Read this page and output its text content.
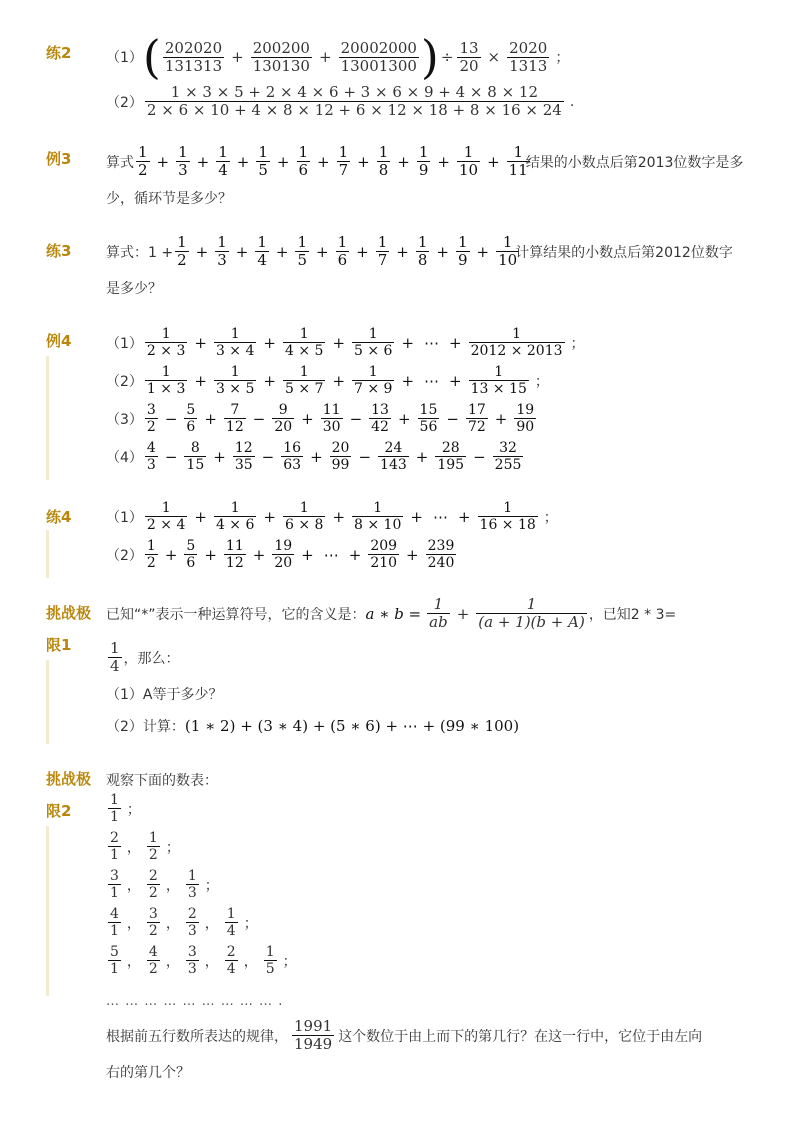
练2 （1） ( $\frac{202020}{131313} + \frac{200200}{130130} + \frac{20002000}{13001300}$ ) ÷ $\frac{13}{20} \times \frac{2020}{1313}$ ；
$(2) \frac{1 \times 3 \times 5 + 2 \times 4 \times 6 + 3 \times 6 \times 9 + 4 \times 8 \times 12}{2 \times 6 \times 10 + 4 \times 8 \times 12 + 6 \times 12 \times 18 + 8 \times 16 \times 24}$ .
例3 算式 $\frac{1}{2} + \frac{1}{3} + \frac{1}{4} + \frac{1}{5} + \frac{1}{6} + \frac{1}{7} + \frac{1}{8} + \frac{1}{9} + \frac{1}{10} + \frac{1}{11}$
结果的小数点后第2013位数字是多
少，循环节是多少？
练3 算式：$1 + \frac{1}{2} + \frac{1}{3} + \frac{1}{4} + \frac{1}{5} + \frac{1}{6} + \frac{1}{7} + \frac{1}{8} + \frac{1}{9} + \frac{1}{10}$
计算结果的小数点后第2012位数字
是多少？
例4 $(1) \frac{1}{2 \times 3} + \frac{1}{3 \times 4} + \frac{1}{4 \times 5} + \frac{1}{5 \times 6}$ + ⋯ + $\frac{1}{2012 \times 2013}$ ；
$(2) \frac{1}{1 \times 3} + \frac{1}{3 \times 5} + \frac{1}{5 \times 7} + \frac{1}{7 \times 9}$ + ⋯ + $\frac{1}{13 \times 15}$ ；
$(3) \frac{3}{2} - \frac{5}{6} + \frac{7}{12} - \frac{9}{20} + \frac{11}{30} - \frac{13}{42} + \frac{15}{56} - \frac{17}{72} + \frac{19}{90}$
$(4) \frac{4}{3} - \frac{8}{15} + \frac{12}{35} - \frac{16}{63} + \frac{20}{99} - \frac{24}{143} + \frac{28}{195} - \frac{32}{255}$
练4 $(1) \frac{1}{2 \times 4} + \frac{1}{4 \times 6} + \frac{1}{6 \times 8} + \frac{1}{8 \times 10}$ + ⋯ + $\frac{1}{16 \times 18}$ ；
$(2) \frac{1}{2} + \frac{5}{6} + \frac{11}{12} + \frac{19}{20}$ + ⋯ + $\frac{209}{210} + \frac{239}{240}$
挑战极
限1
已知“*”表示一种运算符号，它的含义是： a ∗ $b = \frac{1}{ab} + \frac{1}{(a + 1)(b + A)}$ ，已知2 * 3=
$\frac{1}{4}$ ，那么：
（1）A等于多少？
（2）计算： (1 ∗ 2) + (3 ∗ 4) + (5 ∗ 6) + ⋯ + (99 ∗ 100)
挑战极
限2
观察下面的数表：
$\frac{1}{1}$ ；
$\frac{2}{1}$ ， $\frac{1}{2}$ ；
$\frac{3}{1}$ ， $\frac{2}{2}$ ， $\frac{1}{3}$ ；
$\frac{4}{1}$ ， $\frac{3}{2}$ ， $\frac{2}{3}$ ， $\frac{1}{4}$ ；
$\frac{5}{1}$ ， $\frac{4}{2}$ ， $\frac{3}{3}$ ， $\frac{2}{4}$ ， $\frac{1}{5}$ ；
… … … … … … … … … .
根据前五行数所表达的规律， $\frac{1991}{1949}$ 这个数位于由上而下的第几行？在这一行中，它位于由左向
右的第几个？
